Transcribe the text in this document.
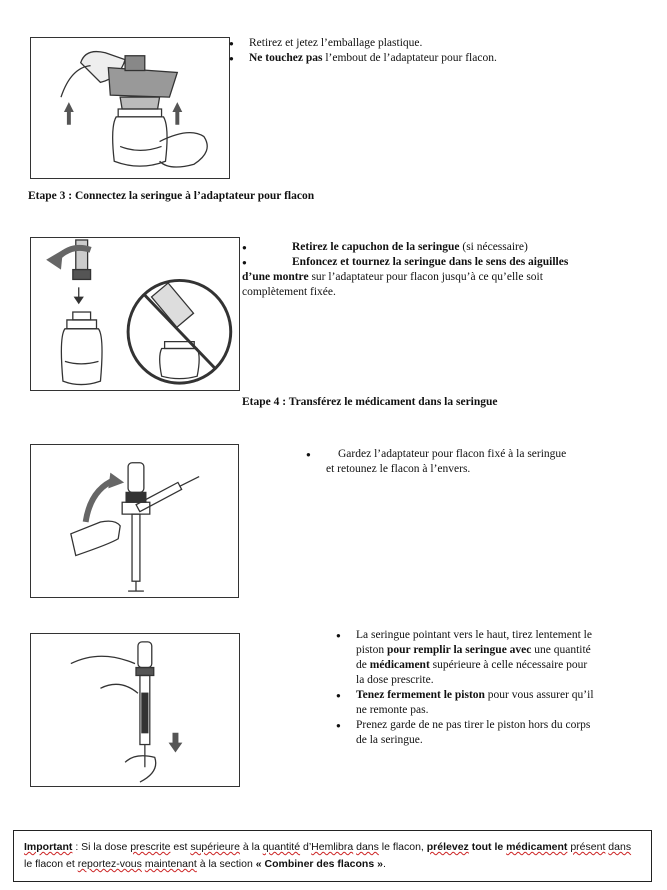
● Retirez et jetez l’emballage plastique.
● Ne touchez pas l’embout de l’adaptateur pour flacon.
Etape 3 : Connectez la seringue à l’adaptateur pour flacon
●	Retirez le capuchon de la seringue (si nécessaire)
●	Enfoncez et tournez la seringue dans le sens des aiguilles d’une montre sur l’adaptateur pour flacon jusqu’à ce qu’elle soit complètement fixée.
Etape 4 : Transférez le médicament dans la seringue
● Gardez l’adaptateur pour flacon fixé à la seringue et retounez le flacon à l’envers.
● La seringue pointant vers le haut, tirez lentement le piston pour remplir la seringue avec une quantité de médicament supérieure à celle nécessaire pour la dose prescrite.
● Tenez fermement le piston pour vous assurer qu’il ne remonte pas.
● Prenez garde de ne pas tirer le piston hors du corps de la seringue.
Important : Si la dose prescrite est supérieure à la quantité d’Hemlibra dans le flacon, prélevez tout le médicament présent dans le flacon et reportez-vous maintenant à la section « Combiner des flacons ».
